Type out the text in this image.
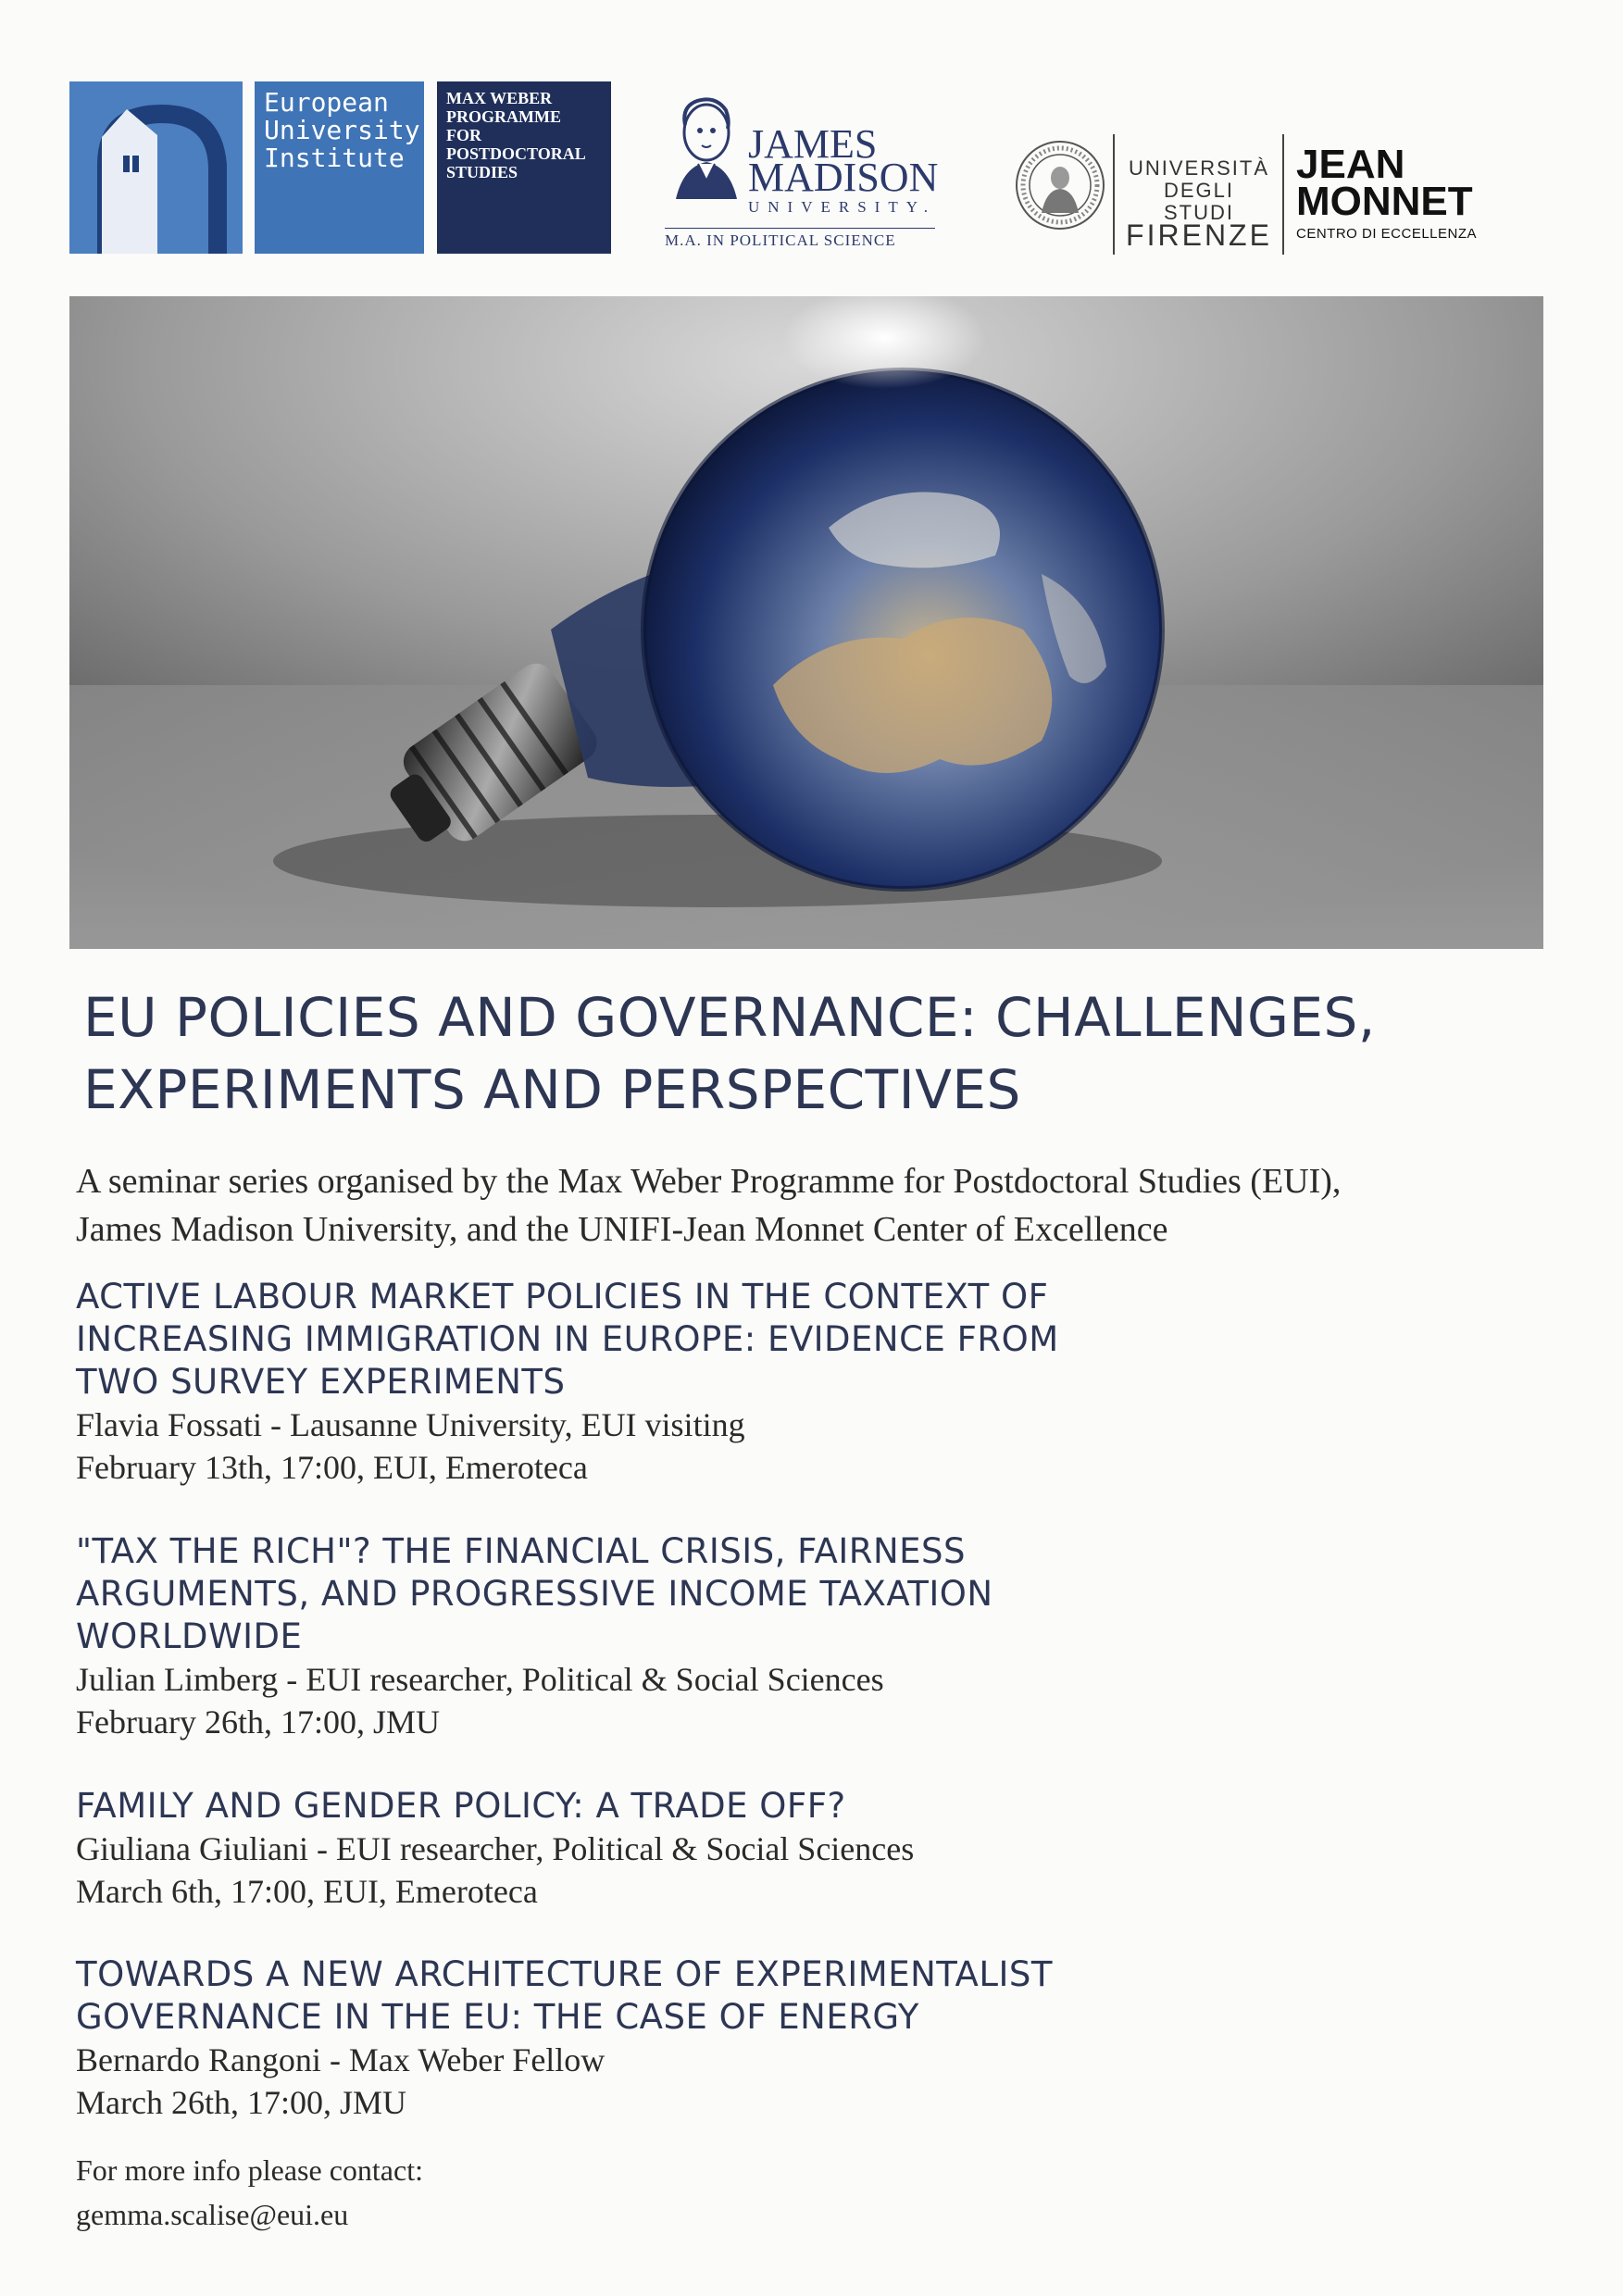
European
University
Institute
MAX WEBER
PROGRAMME
FOR
POSTDOCTORAL
STUDIES
JAMES
MADISON
UNIVERSITY.
M.A. IN POLITICAL SCIENCE
UNIVERSITÀ
DEGLI STUDI
FIRENZE
JEAN
MONNET
CENTRO DI ECCELLENZA
EU POLICIES AND GOVERNANCE: CHALLENGES,
EXPERIMENTS AND PERSPECTIVES
A seminar series organised by the Max Weber Programme for Postdoctoral Studies (EUI),
James Madison University, and the UNIFI-Jean Monnet Center of Excellence
ACTIVE LABOUR MARKET POLICIES IN THE CONTEXT OF
INCREASING IMMIGRATION IN EUROPE: EVIDENCE FROM
TWO SURVEY EXPERIMENTS
Flavia Fossati - Lausanne University, EUI visiting
February 13th, 17:00, EUI, Emeroteca
"TAX THE RICH"? THE FINANCIAL CRISIS, FAIRNESS
ARGUMENTS, AND PROGRESSIVE INCOME TAXATION
WORLDWIDE
Julian Limberg - EUI researcher, Political & Social Sciences
February 26th, 17:00, JMU
FAMILY AND GENDER POLICY: A TRADE OFF?
Giuliana Giuliani - EUI researcher, Political & Social Sciences
March 6th, 17:00, EUI, Emeroteca
TOWARDS A NEW ARCHITECTURE OF EXPERIMENTALIST
GOVERNANCE IN THE EU: THE CASE OF ENERGY
Bernardo Rangoni - Max Weber Fellow
March 26th, 17:00, JMU
For more info please contact:
gemma.scalise@eui.eu
